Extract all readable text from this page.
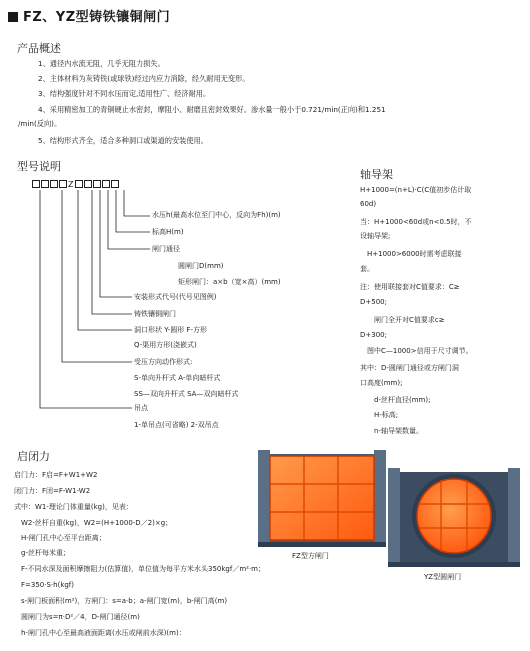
FZ、YZ型铸铁镶铜闸门
产品概述
1、通径内水流无阻，几乎无阻力损失。
2、主体材料为灰铸铁(或球铁)经过内应力消除，经久耐用无变形。
3、结构强度针对不同水压而定,适用性广、经济耐用。
4、采用精密加工的青铜硬止水密封，摩阻小、耐磨且密封效果好。渗水量一般小于0.721/min(正向)和1.251
/min(反向)。
5、结构形式齐全，适合多种洞口或渠道的安装使用。
型号说明
Z
水压h(最高水位至门中心，反向为Fh)(m)
标高H(m)
闸门通径
圆闸门D(mm)
矩形闸门：a×b（宽×高）(mm)
安装形式代号(代号见图例)
铸铁镶铜闸门
洞口形状 Y-圆形 F-方形
Q-渠用方形(浇嵌式)
受压方向动作形式:
S-单向升杆式 A-单向暗杆式
SS—双向升杆式 SA—双向暗杆式
吊点
1-单吊点(可省略) 2-双吊点
轴导架
H+1000=(n+L)·C(C值初步估计取
60d)
当：H+1000<60d或n<0.5时，不
设轴导架;
　H+1000>6000时需考虑联接
套。
注：使用联接套对C值要求：C≥
D+500;
　　闸门全开对C值要求c≥
D+300;
　图中C—1000>信用于尺寸调节。
其中：D-圆闸门通径或方闸门洞
口高度(mm);
　　d-丝杆直径(mm);
　　H-标高;
　　n-轴导架数量。
启闭力
启门力：F启=F+W1+W2
闭门力：F闭=F-W1-W2
式中：W1-理论门体重量(kg)，见表：
　W2-丝杆自重(kg)，W2=(H+1000-D／2)×g；
　H-闸门孔中心至平台距离；
　g-丝杆每米重；
　F-不同水深及面积摩擦阻力(估算值)，单位值为每平方米水头350kgf／m²·m；
　F=350·S·h(kgf)
　s-闸门板面积(m²)，方闸门：s=a·b；a-闸门宽(m)，b-闸门高(m)
　圆闸门为s=π·D²／4，D-闸门通径(m)
　h-闸门孔中心至最高液面距离(水压或闸前水深)(m)：
FZ型方闸门
YZ型圆闸门
